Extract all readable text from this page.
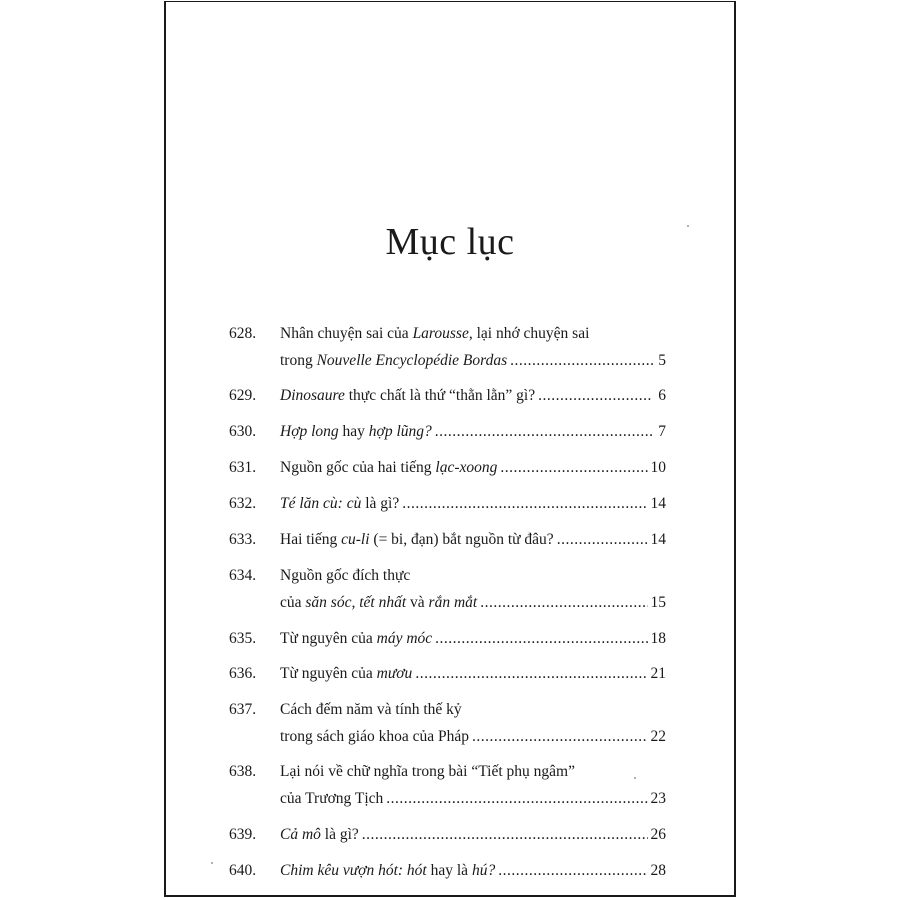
Mục lục
628. Nhân chuyện sai của Larousse, lại nhớ chuyện sai
trong Nouvelle Encyclopédie Bordas .....	5
629. Dinosaure thực chất là thứ “thằn lằn” gì? .....	6
630. Hợp long hay hợp lũng? .....	7
631. Nguồn gốc của hai tiếng lạc-xoong .....	10
632. Té lăn cù: cù là gì? .....	14
633. Hai tiếng cu-li (= bi, đạn) bắt nguồn từ đâu? .....	14
634. Nguồn gốc đích thực
của săn sóc, tết nhất và rắn mắt .....	15
635. Từ nguyên của máy móc .....	18
636. Từ nguyên của mươu .....	21
637. Cách đếm năm và tính thế kỷ
trong sách giáo khoa của Pháp .....	22
638. Lại nói về chữ nghĩa trong bài “Tiết phụ ngâm”
của Trương Tịch .....	23
639. Cả mô là gì? .....	26
640. Chim kêu vượn hót: hót hay là hú? .....	28
